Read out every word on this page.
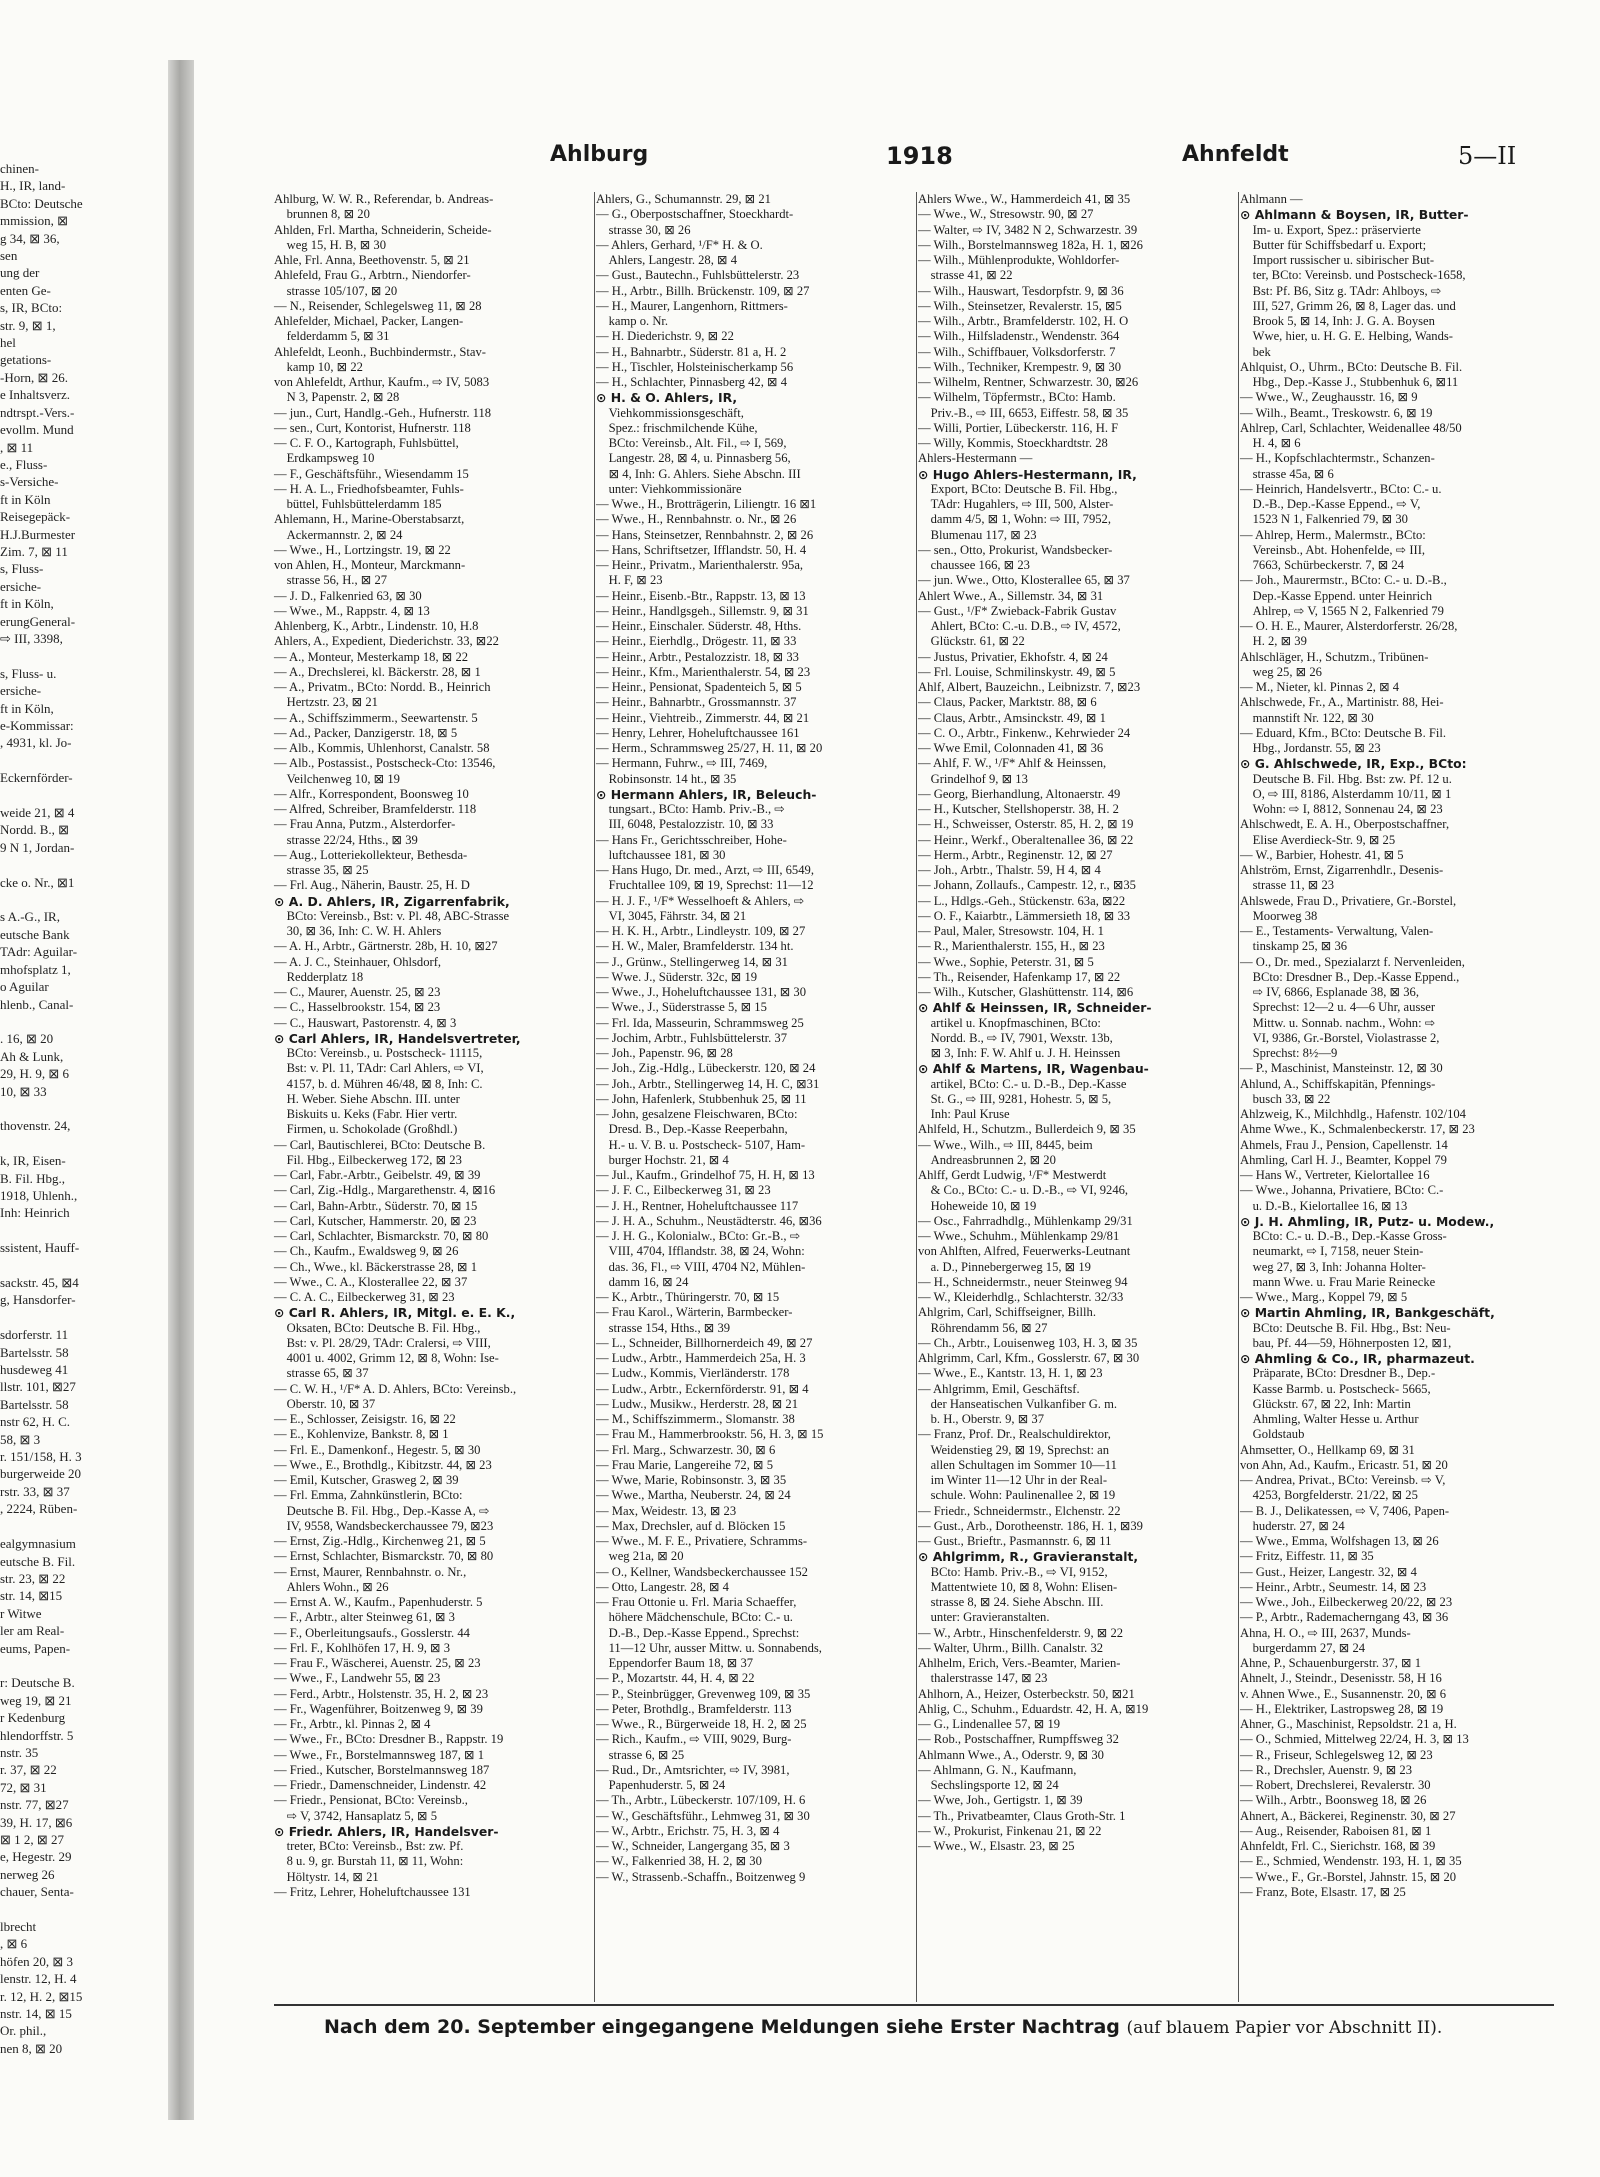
chinen-
H., IR, land-
BCto: Deutsche
mmission, ⊠
g 34, ⊠ 36,
sen
ung der
enten Ge-
s, IR, BCto:
str. 9, ⊠ 1,
hel
getations-
-Horn, ⊠ 26.
e Inhaltsverz.
ndtrspt.-Vers.-
evollm. Mund
, ⊠ 11
e., Fluss-
s-Versiche-
ft in Köln
Reisegepäck-
H.J.Burmester
Zim. 7, ⊠ 11
s, Fluss-
ersiche-
ft in Köln,
erungGeneral-
⇨ III, 3398,

s, Fluss- u.
ersiche-
ft in Köln,
e-Kommissar:
, 4931, kl. Jo-

Eckernförder-

weide 21, ⊠ 4
Nordd. B., ⊠
9 N 1, Jordan-

cke o. Nr., ⊠1

s A.-G., IR,
eutsche Bank
TAdr: Aguilar-
mhofsplatz 1,
o Aguilar
hlenb., Canal-

. 16, ⊠ 20
Ah & Lunk,
29, H. 9, ⊠ 6
10, ⊠ 33

thovenstr. 24,

k, IR, Eisen-
B. Fil. Hbg.,
1918, Uhlenh.,
Inh: Heinrich

ssistent, Hauff-

sackstr. 45, ⊠4
g, Hansdorfer-

sdorferstr. 11
Bartelsstr. 58
husdeweg 41
llstr. 101, ⊠27
Bartelsstr. 58
nstr 62, H. C.
58, ⊠ 3
r. 151/158, H. 3
burgerweide 20
rstr. 33, ⊠ 37
, 2224, Rüben-

ealgymnasium
eutsche B. Fil.
str. 23, ⊠ 22
str. 14, ⊠15
r Witwe
ler am Real-
eums, Papen-

r: Deutsche B.
weg 19, ⊠ 21
r Kedenburg
hlendorffstr. 5
nstr. 35
r. 37, ⊠ 22
72, ⊠ 31
nstr. 77, ⊠27
39, H. 17, ⊠6
⊠ 1 2, ⊠ 27
e, Hegestr. 29
nerweg 26
chauer, Senta-

lbrecht
, ⊠ 6
höfen 20, ⊠ 3
lenstr. 12, H. 4
r. 12, H. 2, ⊠15
nstr. 14, ⊠ 15
Or. phil.,
nen 8, ⊠ 20
Ahlburg	1918	Ahnfeldt	5—II
Ahlburg, W. W. R., Referendar, b. Andreas-
 brunnen 8, ⊠ 20
Ahlden, Frl. Martha, Schneiderin, Scheide-
 weg 15, H. B, ⊠ 30
Ahle, Frl. Anna, Beethovenstr. 5, ⊠ 21
Ahlefeld, Frau G., Arbtrn., Niendorfer-
 strasse 105/107, ⊠ 20
— N., Reisender, Schlegelsweg 11, ⊠ 28
Ahlefelder, Michael, Packer, Langen-
 felderdamm 5, ⊠ 31
Ahlefeldt, Leonh., Buchbindermstr., Stav-
 kamp 10, ⊠ 22
von Ahlefeldt, Arthur, Kaufm., ⇨ IV, 5083
 N 3, Papenstr. 2, ⊠ 28
— jun., Curt, Handlg.-Geh., Hufnerstr. 118
— sen., Curt, Kontorist, Hufnerstr. 118
— C. F. O., Kartograph, Fuhlsbüttel,
 Erdkampsweg 10
— F., Geschäftsführ., Wiesendamm 15
— H. A. L., Friedhofsbeamter, Fuhls-
 büttel, Fuhlsbüttelerdamm 185
Ahlemann, H., Marine-Oberstabsarzt,
 Ackermannstr. 2, ⊠ 24
— Wwe., H., Lortzingstr. 19, ⊠ 22
von Ahlen, H., Monteur, Marckmann-
 strasse 56, H., ⊠ 27
— J. D., Falkenried 63, ⊠ 30
— Wwe., M., Rappstr. 4, ⊠ 13
Ahlenberg, K., Arbtr., Lindenstr. 10, H.8
Ahlers, A., Expedient, Diederichstr. 33, ⊠22
— A., Monteur, Mesterkamp 18, ⊠ 22
— A., Drechslerei, kl. Bäckerstr. 28, ⊠ 1
— A., Privatm., BCto: Nordd. B., Heinrich
 Hertzstr. 23, ⊠ 21
— A., Schiffszimmerm., Seewartenstr. 5
— Ad., Packer, Danzigerstr. 18, ⊠ 5
— Alb., Kommis, Uhlenhorst, Canalstr. 58
— Alb., Postassist., Postscheck-Cto: 13546,
 Veilchenweg 10, ⊠ 19
— Alfr., Korrespondent, Boonsweg 10
— Alfred, Schreiber, Bramfelderstr. 118
— Frau Anna, Putzm., Alsterdorfer-
 strasse 22/24, Hths., ⊠ 39
— Aug., Lotteriekollekteur, Bethesda-
 strasse 35, ⊠ 25
— Frl. Aug., Näherin, Baustr. 25, H. D
⊙ A. D. Ahlers, IR, Zigarrenfabrik,
 BCto: Vereinsb., Bst: v. Pl. 48, ABC-Strasse
 30, ⊠ 36, Inh: C. W. H. Ahlers
— A. H., Arbtr., Gärtnerstr. 28b, H. 10, ⊠27
— A. J. C., Steinhauer, Ohlsdorf,
 Redderplatz 18
— C., Maurer, Auenstr. 25, ⊠ 23
— C., Hasselbrookstr. 154, ⊠ 23
— C., Hauswart, Pastorenstr. 4, ⊠ 3
⊙ Carl Ahlers, IR, Handelsvertreter,
 BCto: Vereinsb., u. Postscheck- 11115,
 Bst: v. Pl. 11, TAdr: Carl Ahlers, ⇨ VI,
 4157, b. d. Mühren 46/48, ⊠ 8, Inh: C.
 H. Weber. Siehe Abschn. III. unter
 Biskuits u. Keks (Fabr. Hier vertr.
 Firmen, u. Schokolade (Großhdl.)
— Carl, Bautischlerei, BCto: Deutsche B.
 Fil. Hbg., Eilbeckerweg 172, ⊠ 23
— Carl, Fabr.-Arbtr., Geibelstr. 49, ⊠ 39
— Carl, Zig.-Hdlg., Margarethenstr. 4, ⊠16
— Carl, Bahn-Arbtr., Süderstr. 70, ⊠ 15
— Carl, Kutscher, Hammerstr. 20, ⊠ 23
— Carl, Schlachter, Bismarckstr. 70, ⊠ 80
— Ch., Kaufm., Ewaldsweg 9, ⊠ 26
— Ch., Wwe., kl. Bäckerstrasse 28, ⊠ 1
— Wwe., C. A., Klosterallee 22, ⊠ 37
— C. A. C., Eilbeckerweg 31, ⊠ 23
⊙ Carl R. Ahlers, IR, Mitgl. e. E. K.,
 Oksaten, BCto: Deutsche B. Fil. Hbg.,
 Bst: v. Pl. 28/29, TAdr: Cralersi, ⇨ VIII,
 4001 u. 4002, Grimm 12, ⊠ 8, Wohn: Ise-
 strasse 65, ⊠ 37
— C. W. H., ¹/F* A. D. Ahlers, BCto: Vereinsb.,
 Oberstr. 10, ⊠ 37
— E., Schlosser, Zeisigstr. 16, ⊠ 22
— E., Kohlenvize, Bankstr. 8, ⊠ 1
— Frl. E., Damenkonf., Hegestr. 5, ⊠ 30
— Wwe., E., Brothdlg., Kibitzstr. 44, ⊠ 23
— Emil, Kutscher, Grasweg 2, ⊠ 39
— Frl. Emma, Zahnkünstlerin, BCto:
 Deutsche B. Fil. Hbg., Dep.-Kasse A, ⇨
 IV, 9558, Wandsbeckerchaussee 79, ⊠23
— Ernst, Zig.-Hdlg., Kirchenweg 21, ⊠ 5
— Ernst, Schlachter, Bismarckstr. 70, ⊠ 80
— Ernst, Maurer, Rennbahnstr. o. Nr.,
 Ahlers Wohn., ⊠ 26
— Ernst A. W., Kaufm., Papenhuderstr. 5
— F., Arbtr., alter Steinweg 61, ⊠ 3
— F., Oberleitungsaufs., Gosslerstr. 44
— Frl. F., Kohlhöfen 17, H. 9, ⊠ 3
— Frau F., Wäscherei, Auenstr. 25, ⊠ 23
— Wwe., F., Landwehr 55, ⊠ 23
— Ferd., Arbtr., Holstenstr. 35, H. 2, ⊠ 23
— Fr., Wagenführer, Boitzenweg 9, ⊠ 39
— Fr., Arbtr., kl. Pinnas 2, ⊠ 4
— Wwe., Fr., BCto: Dresdner B., Rappstr. 19
— Wwe., Fr., Borstelmannsweg 187, ⊠ 1
— Fried., Kutscher, Borstelmannsweg 187
— Friedr., Damenschneider, Lindenstr. 42
— Friedr., Pensionat, BCto: Vereinsb.,
 ⇨ V, 3742, Hansaplatz 5, ⊠ 5
⊙ Friedr. Ahlers, IR, Handelsver-
 treter, BCto: Vereinsb., Bst: zw. Pf.
 8 u. 9, gr. Burstah 11, ⊠ 11, Wohn:
 Höltystr. 14, ⊠ 21
— Fritz, Lehrer, Hoheluftchaussee 131
Ahlers, G., Schumannstr. 29, ⊠ 21
— G., Oberpostschaffner, Stoeckhardt-
 strasse 30, ⊠ 26
— Ahlers, Gerhard, ¹/F* H. & O.
 Ahlers, Langestr. 28, ⊠ 4
— Gust., Bautechn., Fuhlsbüttelerstr. 23
— H., Arbtr., Billh. Brückenstr. 109, ⊠ 27
— H., Maurer, Langenhorn, Rittmers-
 kamp o. Nr.
— H. Diederichstr. 9, ⊠ 22
— H., Bahnarbtr., Süderstr. 81 a, H. 2
— H., Tischler, Holsteinischerkamp 56
— H., Schlachter, Pinnasberg 42, ⊠ 4
⊙ H. & O. Ahlers, IR,
 Viehkommissionsgeschäft,
 Spez.: frischmilchende Kühe,
 BCto: Vereinsb., Alt. Fil., ⇨ I, 569,
 Langestr. 28, ⊠ 4, u. Pinnasberg 56,
 ⊠ 4, Inh: G. Ahlers. Siehe Abschn. III
 unter: Viehkommissionäre
— Wwe., H., Brotträgerin, Liliengtr. 16 ⊠1
— Wwe., H., Rennbahnstr. o. Nr., ⊠ 26
— Hans, Steinsetzer, Rennbahnstr. 2, ⊠ 26
— Hans, Schriftsetzer, Ifflandstr. 50, H. 4
— Heinr., Privatm., Marienthalerstr. 95a,
 H. F, ⊠ 23
— Heinr., Eisenb.-Btr., Rappstr. 13, ⊠ 13
— Heinr., Handlgsgeh., Sillemstr. 9, ⊠ 31
— Heinr., Einschaler. Süderstr. 48, Hths.
— Heinr., Eierhdlg., Drögestr. 11, ⊠ 33
— Heinr., Arbtr., Pestalozzistr. 18, ⊠ 33
— Heinr., Kfm., Marienthalerstr. 54, ⊠ 23
— Heinr., Pensionat, Spadenteich 5, ⊠ 5
— Heinr., Bahnarbtr., Grossmannstr. 37
— Heinr., Viehtreib., Zimmerstr. 44, ⊠ 21
— Henry, Lehrer, Hoheluftchaussee 161
— Herm., Schrammsweg 25/27, H. 11, ⊠ 20
— Hermann, Fuhrw., ⇨ III, 7469,
 Robinsonstr. 14 ht., ⊠ 35
⊙ Hermann Ahlers, IR, Beleuch-
 tungsart., BCto: Hamb. Priv.-B., ⇨
 III, 6048, Pestalozzistr. 10, ⊠ 33
— Hans Fr., Gerichtsschreiber, Hohe-
 luftchaussee 181, ⊠ 30
— Hans Hugo, Dr. med., Arzt, ⇨ III, 6549,
 Fruchtallee 109, ⊠ 19, Sprechst: 11—12
— H. J. F., ¹/F* Wesselhoeft & Ahlers, ⇨
 VI, 3045, Fährstr. 34, ⊠ 21
— H. K. H., Arbtr., Lindleystr. 109, ⊠ 27
— H. W., Maler, Bramfelderstr. 134 ht.
— J., Grünw., Stellingerweg 14, ⊠ 31
— Wwe. J., Süderstr. 32c, ⊠ 19
— Wwe., J., Hoheluftchaussee 131, ⊠ 30
— Wwe., J., Süderstrasse 5, ⊠ 15
— Frl. Ida, Masseurin, Schrammsweg 25
— Jochim, Arbtr., Fuhlsbüttelerstr. 37
— Joh., Papenstr. 96, ⊠ 28
— Joh., Zig.-Hdlg., Lübeckerstr. 120, ⊠ 24
— Joh., Arbtr., Stellingerweg 14, H. C, ⊠31
— John, Hafenlerk, Stubbenhuk 25, ⊠ 11
— John, gesalzene Fleischwaren, BCto:
 Dresd. B., Dep.-Kasse Reeperbahn,
 H.- u. V. B. u. Postscheck- 5107, Ham-
 burger Hochstr. 21, ⊠ 4
— Jul., Kaufm., Grindelhof 75, H. H, ⊠ 13
— J. F. C., Eilbeckerweg 31, ⊠ 23
— J. H., Rentner, Hoheluftchaussee 117
— J. H. A., Schuhm., Neustädterstr. 46, ⊠36
— J. H. G., Kolonialw., BCto: Gr.-B., ⇨
 VIII, 4704, Ifflandstr. 38, ⊠ 24, Wohn:
 das. 36, Fl., ⇨ VIII, 4704 N2, Mühlen-
 damm 16, ⊠ 24
— K., Arbtr., Thüringerstr. 70, ⊠ 15
— Frau Karol., Wärterin, Barmbecker-
 strasse 154, Hths., ⊠ 39
— L., Schneider, Billhornerdeich 49, ⊠ 27
— Ludw., Arbtr., Hammerdeich 25a, H. 3
— Ludw., Kommis, Vierländerstr. 178
— Ludw., Arbtr., Eckernförderstr. 91, ⊠ 4
— Ludw., Musikw., Herderstr. 28, ⊠ 21
— M., Schiffszimmerm., Slomanstr. 38
— Frau M., Hammerbrookstr. 56, H. 3, ⊠ 15
— Frl. Marg., Schwarzestr. 30, ⊠ 6
— Frau Marie, Langereihe 72, ⊠ 5
— Wwe, Marie, Robinsonstr. 3, ⊠ 35
— Wwe., Martha, Neuberstr. 24, ⊠ 24
— Max, Weidestr. 13, ⊠ 23
— Max, Drechsler, auf d. Blöcken 15
— Wwe., M. F. E., Privatiere, Schramms-
 weg 21a, ⊠ 20
— O., Kellner, Wandsbeckerchaussee 152
— Otto, Langestr. 28, ⊠ 4
— Frau Ottonie u. Frl. Maria Schaeffer,
 höhere Mädchenschule, BCto: C.- u.
 D.-B., Dep.-Kasse Eppend., Sprechst:
 11—12 Uhr, ausser Mittw. u. Sonnabends,
 Eppendorfer Baum 18, ⊠ 37
— P., Mozartstr. 44, H. 4, ⊠ 22
— P., Steinbrügger, Grevenweg 109, ⊠ 35
— Peter, Brothdlg., Bramfelderstr. 113
— Wwe., R., Bürgerweide 18, H. 2, ⊠ 25
— Rich., Kaufm., ⇨ VIII, 9029, Burg-
 strasse 6, ⊠ 25
— Rud., Dr., Amtsrichter, ⇨ IV, 3981,
 Papenhuderstr. 5, ⊠ 24
— Th., Arbtr., Lübeckerstr. 107/109, H. 6
— W., Geschäftsführ., Lehmweg 31, ⊠ 30
— W., Arbtr., Erichstr. 75, H. 3, ⊠ 4
— W., Schneider, Langergang 35, ⊠ 3
— W., Falkenried 38, H. 2, ⊠ 30
— W., Strassenb.-Schaffn., Boitzenweg 9
Ahlers Wwe., W., Hammerdeich 41, ⊠ 35
— Wwe., W., Stresowstr. 90, ⊠ 27
— Walter, ⇨ IV, 3482 N 2, Schwarzestr. 39
— Wilh., Borstelmannsweg 182a, H. 1, ⊠26
— Wilh., Mühlenprodukte, Wohldorfer-
 strasse 41, ⊠ 22
— Wilh., Hauswart, Tesdorpfstr. 9, ⊠ 36
— Wilh., Steinsetzer, Revalerstr. 15, ⊠5
— Wilh., Arbtr., Bramfelderstr. 102, H. O
— Wilh., Hilfsladenstr., Wendenstr. 364
— Wilh., Schiffbauer, Volksdorferstr. 7
— Wilh., Techniker, Krempestr. 9, ⊠ 30
— Wilhelm, Rentner, Schwarzestr. 30, ⊠26
— Wilhelm, Töpfermstr., BCto: Hamb.
 Priv.-B., ⇨ III, 6653, Eiffestr. 58, ⊠ 35
— Willi, Portier, Lübeckerstr. 116, H. F
— Willy, Kommis, Stoeckhardtstr. 28
Ahlers-Hestermann —
⊙ Hugo Ahlers-Hestermann, IR,
 Export, BCto: Deutsche B. Fil. Hbg.,
 TAdr: Hugahlers, ⇨ III, 500, Alster-
 damm 4/5, ⊠ 1, Wohn: ⇨ III, 7952,
 Blumenau 117, ⊠ 23
— sen., Otto, Prokurist, Wandsbecker-
 chaussee 166, ⊠ 23
— jun. Wwe., Otto, Klosterallee 65, ⊠ 37
Ahlert Wwe., A., Sillemstr. 34, ⊠ 31
— Gust., ¹/F* Zwieback-Fabrik Gustav
 Ahlert, BCto: C.-u. D.B., ⇨ IV, 4572,
 Glückstr. 61, ⊠ 22
— Justus, Privatier, Ekhofstr. 4, ⊠ 24
— Frl. Louise, Schmilinskystr. 49, ⊠ 5
Ahlf, Albert, Bauzeichn., Leibnizstr. 7, ⊠23
— Claus, Packer, Marktstr. 88, ⊠ 6
— Claus, Arbtr., Amsinckstr. 49, ⊠ 1
— C. O., Arbtr., Finkenw., Kehrwieder 24
— Wwe Emil, Colonnaden 41, ⊠ 36
— Ahlf, F. W., ¹/F* Ahlf & Heinssen,
 Grindelhof 9, ⊠ 13
— Georg, Bierhandlung, Altonaerstr. 49
— H., Kutscher, Stellshoperstr. 38, H. 2
— H., Schweisser, Osterstr. 85, H. 2, ⊠ 19
— Heinr., Werkf., Oberaltenallee 36, ⊠ 22
— Herm., Arbtr., Reginenstr. 12, ⊠ 27
— Joh., Arbtr., Thalstr. 59, H 4, ⊠ 4
— Johann, Zollaufs., Campestr. 12, r., ⊠35
— L., Hdlgs.-Geh., Stückenstr. 63a, ⊠22
— O. F., Kaiarbtr., Lämmersieth 18, ⊠ 33
— Paul, Maler, Stresowstr. 104, H. 1
— R., Marienthalerstr. 155, H., ⊠ 23
— Wwe., Sophie, Peterstr. 31, ⊠ 5
— Th., Reisender, Hafenkamp 17, ⊠ 22
— Wilh., Kutscher, Glashüttenstr. 114, ⊠6
⊙ Ahlf & Heinssen, IR, Schneider-
 artikel u. Knopfmaschinen, BCto:
 Nordd. B., ⇨ IV, 7901, Wexstr. 13b,
 ⊠ 3, Inh: F. W. Ahlf u. J. H. Heinssen
⊙ Ahlf & Martens, IR, Wagenbau-
 artikel, BCto: C.- u. D.-B., Dep.-Kasse
 St. G., ⇨ III, 9281, Hohestr. 5, ⊠ 5,
 Inh: Paul Kruse
Ahlfeld, H., Schutzm., Bullerdeich 9, ⊠ 35
— Wwe., Wilh., ⇨ III, 8445, beim
 Andreasbrunnen 2, ⊠ 20
Ahlff, Gerdt Ludwig, ¹/F* Mestwerdt
 & Co., BCto: C.- u. D.-B., ⇨ VI, 9246,
 Hoheweide 10, ⊠ 19
— Osc., Fahrradhdlg., Mühlenkamp 29/31
— Wwe., Schuhm., Mühlenkamp 29/81
von Ahlften, Alfred, Feuerwerks-Leutnant
 a. D., Pinnebergerweg 15, ⊠ 19
— H., Schneidermstr., neuer Steinweg 94
— W., Kleiderhdlg., Schlachterstr. 32/33
Ahlgrim, Carl, Schiffseigner, Billh.
 Röhrendamm 56, ⊠ 27
— Ch., Arbtr., Louisenweg 103, H. 3, ⊠ 35
Ahlgrimm, Carl, Kfm., Gosslerstr. 67, ⊠ 30
— Wwe., E., Kantstr. 13, H. 1, ⊠ 23
— Ahlgrimm, Emil, Geschäftsf.
 der Hanseatischen Vulkanfiber G. m.
 b. H., Oberstr. 9, ⊠ 37
— Franz, Prof. Dr., Realschuldirektor,
 Weidenstieg 29, ⊠ 19, Sprechst: an
 allen Schultagen im Sommer 10—11
 im Winter 11—12 Uhr in der Real-
 schule. Wohn: Paulinenallee 2, ⊠ 19
— Friedr., Schneidermstr., Elchenstr. 22
— Gust., Arb., Dorotheenstr. 186, H. 1, ⊠39
— Gust., Brieftr., Pasmannstr. 6, ⊠ 11
⊙ Ahlgrimm, R., Gravieranstalt,
 BCto: Hamb. Priv.-B., ⇨ VI, 9152,
 Mattentwiete 10, ⊠ 8, Wohn: Elisen-
 strasse 8, ⊠ 24. Siehe Abschn. III.
 unter: Gravieranstalten.
— W., Arbtr., Hinschenfelderstr. 9, ⊠ 22
— Walter, Uhrm., Billh. Canalstr. 32
Ahlhelm, Erich, Vers.-Beamter, Marien-
 thalerstrasse 147, ⊠ 23
Ahlhorn, A., Heizer, Osterbeckstr. 50, ⊠21
Ahlig, C., Schuhm., Eduardstr. 42, H. A, ⊠19
— G., Lindenallee 57, ⊠ 19
— Rob., Postschaffner, Rumpffsweg 32
Ahlmann Wwe., A., Oderstr. 9, ⊠ 30
— Ahlmann, G. N., Kaufmann,
 Sechslingsporte 12, ⊠ 24
— Wwe, Joh., Gertigstr. 1, ⊠ 39
— Th., Privatbeamter, Claus Groth-Str. 1
— W., Prokurist, Finkenau 21, ⊠ 22
— Wwe., W., Elsastr. 23, ⊠ 25
Ahlmann —
⊙ Ahlmann & Boysen, IR, Butter-
 Im- u. Export, Spez.: präservierte
 Butter für Schiffsbedarf u. Export;
 Import russischer u. sibirischer But-
 ter, BCto: Vereinsb. und Postscheck-1658,
 Bst: Pf. B6, Sitz g. TAdr: Ahlboys, ⇨
 III, 527, Grimm 26, ⊠ 8, Lager das. und
 Brook 5, ⊠ 14, Inh: J. G. A. Boysen
 Wwe, hier, u. H. G. E. Helbing, Wands-
 bek
Ahlquist, O., Uhrm., BCto: Deutsche B. Fil.
 Hbg., Dep.-Kasse J., Stubbenhuk 6, ⊠11
— Wwe., W., Zeughausstr. 16, ⊠ 9
— Wilh., Beamt., Treskowstr. 6, ⊠ 19
Ahlrep, Carl, Schlachter, Weidenallee 48/50
 H. 4, ⊠ 6
— H., Kopfschlachtermstr., Schanzen-
 strasse 45a, ⊠ 6
— Heinrich, Handelsvertr., BCto: C.- u.
 D.-B., Dep.-Kasse Eppend., ⇨ V,
 1523 N 1, Falkenried 79, ⊠ 30
— Ahlrep, Herm., Malermstr., BCto:
 Vereinsb., Abt. Hohenfelde, ⇨ III,
 7663, Schürbeckerstr. 7, ⊠ 24
— Joh., Maurermstr., BCto: C.- u. D.-B.,
 Dep.-Kasse Eppend. unter Heinrich
 Ahlrep, ⇨ V, 1565 N 2, Falkenried 79
— O. H. E., Maurer, Alsterdorferstr. 26/28,
 H. 2, ⊠ 39
Ahlschläger, H., Schutzm., Tribünen-
 weg 25, ⊠ 26
— M., Nieter, kl. Pinnas 2, ⊠ 4
Ahlschwede, Fr., A., Martinistr. 88, Hei-
 mannstift Nr. 122, ⊠ 30
— Eduard, Kfm., BCto: Deutsche B. Fil.
 Hbg., Jordanstr. 55, ⊠ 23
⊙ G. Ahlschwede, IR, Exp., BCto:
 Deutsche B. Fil. Hbg. Bst: zw. Pf. 12 u.
 O, ⇨ III, 8186, Alsterdamm 10/11, ⊠ 1
 Wohn: ⇨ I, 8812, Sonnenau 24, ⊠ 23
Ahlschwedt, E. A. H., Oberpostschaffner,
 Elise Averdieck-Str. 9, ⊠ 25
— W., Barbier, Hohestr. 41, ⊠ 5
Ahlström, Ernst, Zigarrenhdlr., Desenis-
 strasse 11, ⊠ 23
Ahlswede, Frau D., Privatiere, Gr.-Borstel,
 Moorweg 38
— E., Testaments- Verwaltung, Valen-
 tinskamp 25, ⊠ 36
— O., Dr. med., Spezialarzt f. Nervenleiden,
 BCto: Dresdner B., Dep.-Kasse Eppend.,
 ⇨ IV, 6866, Esplanade 38, ⊠ 36,
 Sprechst: 12—2 u. 4—6 Uhr, ausser
 Mittw. u. Sonnab. nachm., Wohn: ⇨
 VI, 9386, Gr.-Borstel, Violastrasse 2,
 Sprechst: 8½—9
— P., Maschinist, Mansteinstr. 12, ⊠ 30
Ahlund, A., Schiffskapitän, Pfennings-
 busch 33, ⊠ 22
Ahlzweig, K., Milchhdlg., Hafenstr. 102/104
Ahme Wwe., K., Schmalenbeckerstr. 17, ⊠ 23
Ahmels, Frau J., Pension, Capellenstr. 14
Ahmling, Carl H. J., Beamter, Koppel 79
— Hans W., Vertreter, Kielortallee 16
— Wwe., Johanna, Privatiere, BCto: C.-
 u. D.-B., Kielortallee 16, ⊠ 13
⊙ J. H. Ahmling, IR, Putz- u. Modew.,
 BCto: C.- u. D.-B., Dep.-Kasse Gross-
 neumarkt, ⇨ I, 7158, neuer Stein-
 weg 27, ⊠ 3, Inh: Johanna Holter-
 mann Wwe. u. Frau Marie Reinecke
— Wwe., Marg., Koppel 79, ⊠ 5
⊙ Martin Ahmling, IR, Bankgeschäft,
 BCto: Deutsche B. Fil. Hbg., Bst: Neu-
 bau, Pf. 44—59, Höhnerposten 12, ⊠1,
⊙ Ahmling & Co., IR, pharmazeut.
 Präparate, BCto: Dresdner B., Dep.-
 Kasse Barmb. u. Postscheck- 5665,
 Glückstr. 67, ⊠ 22, Inh: Martin
 Ahmling, Walter Hesse u. Arthur
 Goldstaub
Ahmsetter, O., Hellkamp 69, ⊠ 31
von Ahn, Ad., Kaufm., Ericastr. 51, ⊠ 20
— Andrea, Privat., BCto: Vereinsb. ⇨ V,
 4253, Borgfelderstr. 21/22, ⊠ 25
— B. J., Delikatessen, ⇨ V, 7406, Papen-
 huderstr. 27, ⊠ 24
— Wwe., Emma, Wolfshagen 13, ⊠ 26
— Fritz, Eiffestr. 11, ⊠ 35
— Gust., Heizer, Langestr. 32, ⊠ 4
— Heinr., Arbtr., Seumestr. 14, ⊠ 23
— Wwe., Joh., Eilbeckerweg 20/22, ⊠ 23
— P., Arbtr., Rademacherngang 43, ⊠ 36
Ahna, H. O., ⇨ III, 2637, Munds-
 burgerdamm 27, ⊠ 24
Ahne, P., Schauenburgerstr. 37, ⊠ 1
Ahnelt, J., Steindr., Desenisstr. 58, H 16
v. Ahnen Wwe., E., Susannenstr. 20, ⊠ 6
— H., Elektriker, Lastropsweg 28, ⊠ 19
Ahner, G., Maschinist, Repsoldstr. 21 a, H.
— O., Schmied, Mittelweg 22/24, H. 3, ⊠ 13
— R., Friseur, Schlegelsweg 12, ⊠ 23
— R., Drechsler, Auenstr. 9, ⊠ 23
— Robert, Drechslerei, Revalerstr. 30
— Wilh., Arbtr., Boonsweg 18, ⊠ 26
Ahnert, A., Bäckerei, Reginenstr. 30, ⊠ 27
— Aug., Reisender, Raboisen 81, ⊠ 1
Ahnfeldt, Frl. C., Sierichstr. 168, ⊠ 39
— E., Schmied, Wendenstr. 193, H. 1, ⊠ 35
— Wwe., F., Gr.-Borstel, Jahnstr. 15, ⊠ 20
— Franz, Bote, Elsastr. 17, ⊠ 25
Nach dem 20. September eingegangene Meldungen siehe Erster Nachtrag (auf blauem Papier vor Abschnitt II).
